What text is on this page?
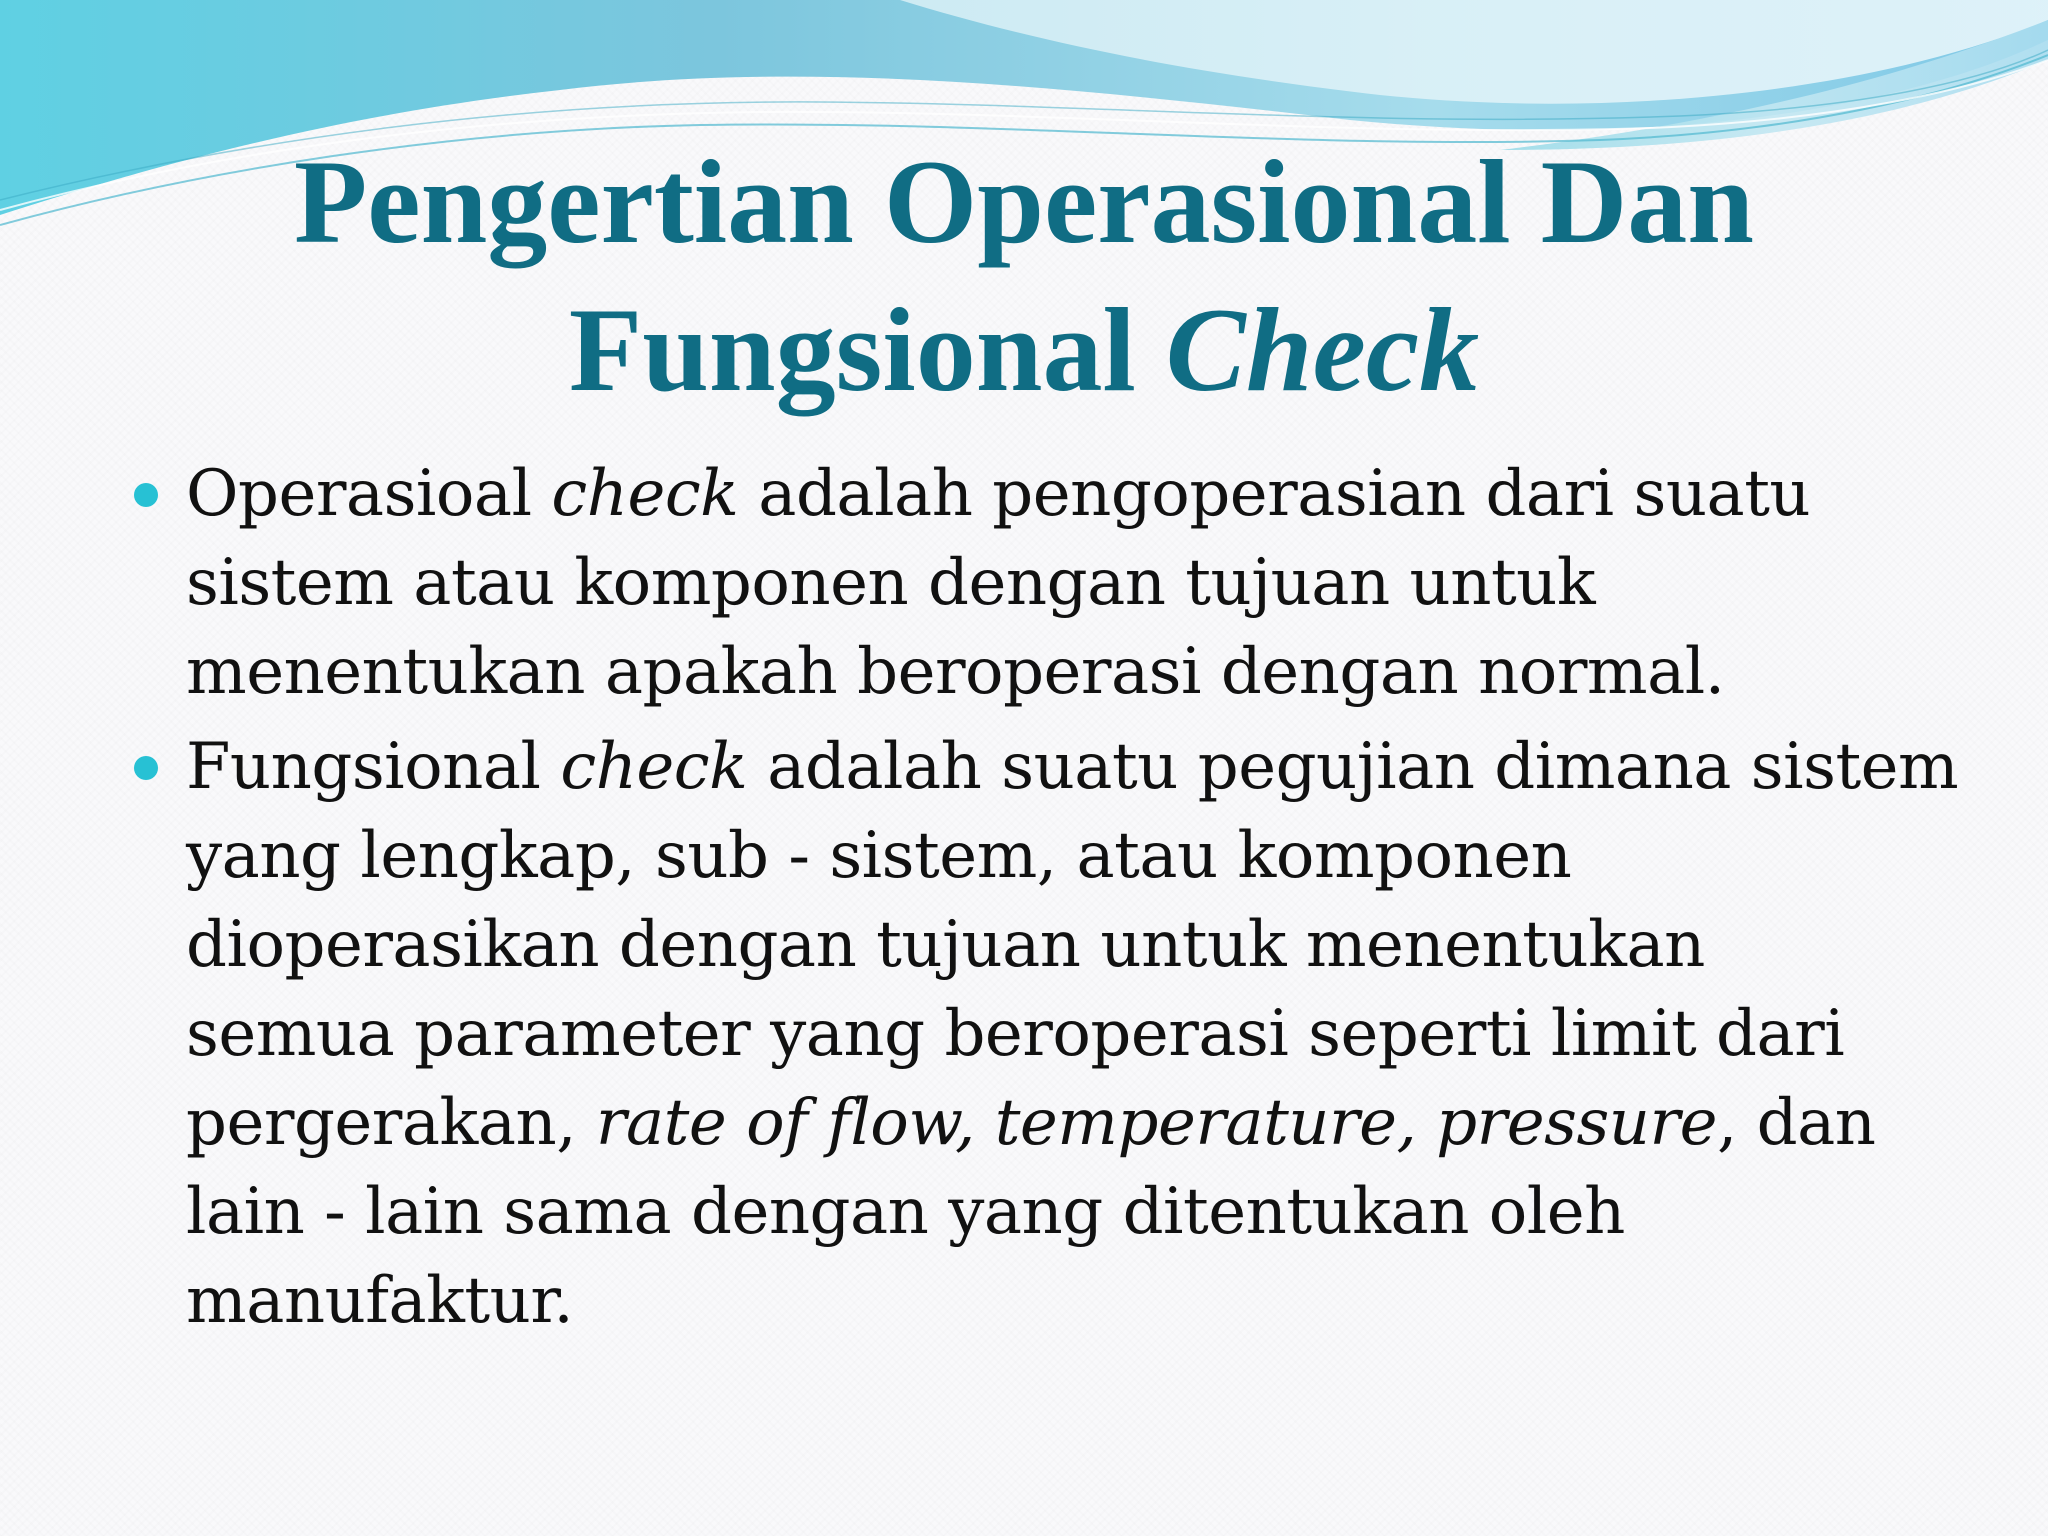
Pengertian Operasional Dan
Fungsional Check
Operasioal check adalah pengoperasian dari suatu
sistem atau komponen dengan tujuan untuk
menentukan apakah beroperasi dengan normal.
Fungsional check adalah suatu pegujian dimana sistem
yang lengkap, sub - sistem, atau komponen
dioperasikan dengan tujuan untuk menentukan
semua parameter yang beroperasi seperti limit dari
pergerakan, rate of flow, temperature, pressure, dan
lain - lain sama dengan yang ditentukan oleh
manufaktur.
